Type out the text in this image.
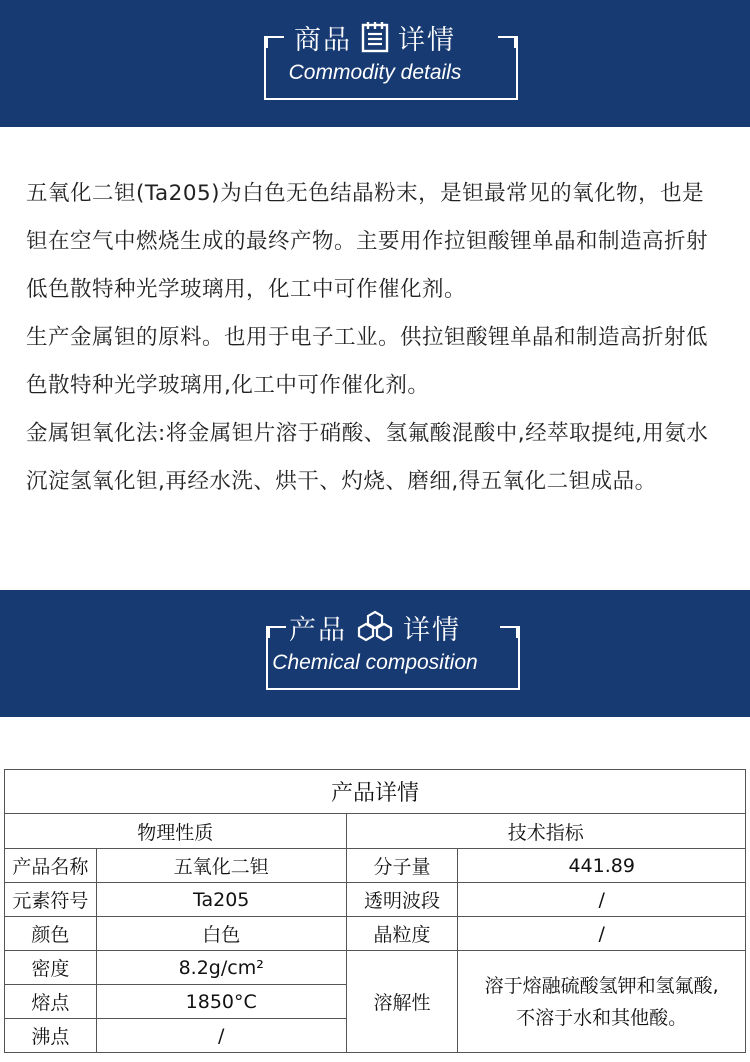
商品 详情
Commodity details

五氧化二钽(Ta205)为白色无色结晶粉末，是钽最常见的氧化物，也是钽在空气中燃烧生成的最终产物。主要用作拉钽酸锂单晶和制造高折射低色散特种光学玻璃用，化工中可作催化剂。

生产金属钽的原料。也用于电子工业。供拉钽酸锂单晶和制造高折射低色散特种光学玻璃用,化工中可作催化剂。

金属钽氧化法:将金属钽片溶于硝酸、氢氟酸混酸中,经萃取提纯,用氨水沉淀氢氧化钽,再经水洗、烘干、灼烧、磨细,得五氧化二钽成品。

产品 详情
Chemical composition
产品详情			
物理性质		技术指标	
产品名称	五氧化二钽	分子量	441.89
元素符号	Ta205	透明波段	/
颜色	白色	晶粒度	/
密度	8.2g/cm²	溶解性	溶于熔融硫酸氢钾和氢氟酸,
不溶于水和其他酸。

熔点	1850°C		
沸点	/		
